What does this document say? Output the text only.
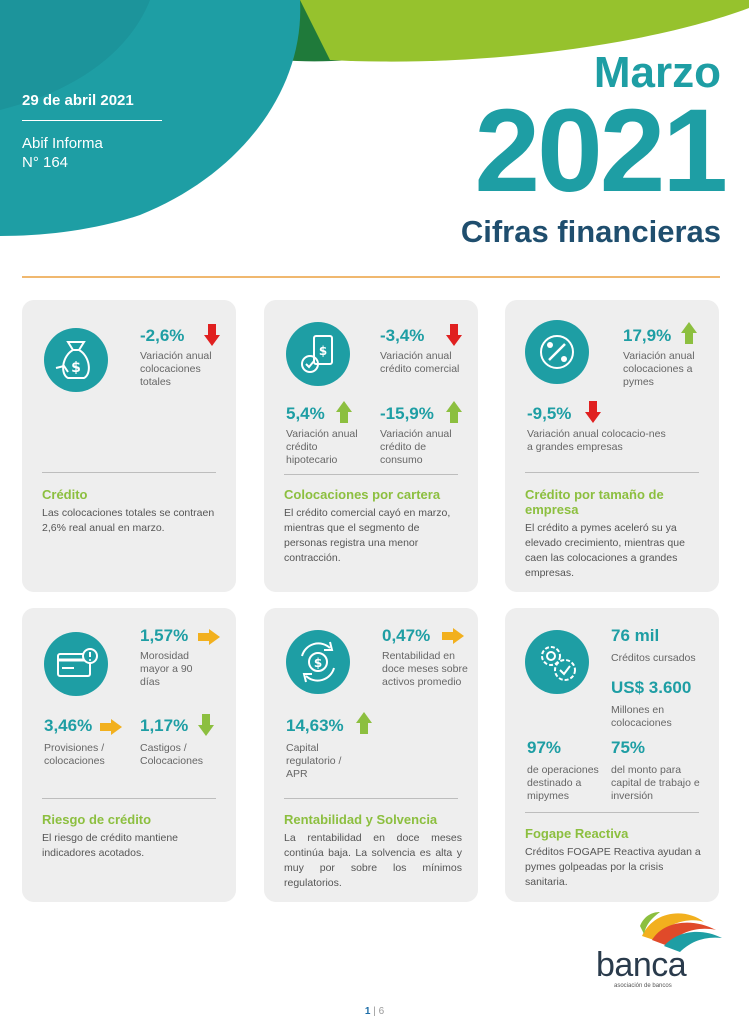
29 de abril 2021
Abif Informa
N° 164
Marzo
2021
Cifras financieras
$
-2,6%
Variación anual colocaciones totales
Crédito
Las colocaciones totales se contraen 2,6% real anual en marzo.
$
-3,4%
Variación anual crédito comercial
5,4%
Variación anual crédito hipotecario
-15,9%
Variación anual crédito de consumo
Colocaciones por cartera
El crédito comercial cayó en marzo, mientras que el segmento de personas registra una menor contracción.
17,9%
Variación anual colocaciones a pymes
-9,5%
Variación anual colocacio-nes a grandes empresas
Crédito por tamaño de empresa
El crédito a pymes aceleró su ya elevado crecimiento, mientras que caen las colocaciones a grandes empresas.
1,57%
Morosidad mayor a 90 días
3,46%
Provisiones / colocaciones
1,17%
Castigos / Colocaciones
Riesgo de crédito
El riesgo de crédito mantiene indicadores acotados.
$
0,47%
Rentabilidad en doce meses sobre activos promedio
14,63%
Capital regulatorio / APR
Rentabilidad y Solvencia
La rentabilidad en doce meses continúa baja. La solvencia es alta y muy por sobre los mínimos regulatorios.
76 mil
Créditos cursados
US$ 3.600
Millones en colocaciones
97%
de operaciones destinado a mipymes
75%
del monto para capital de trabajo e inversión
Fogape Reactiva
Créditos FOGAPE Reactiva ayudan a pymes golpeadas por la crisis sanitaria.
banca
asociación de bancos
1 | 6
